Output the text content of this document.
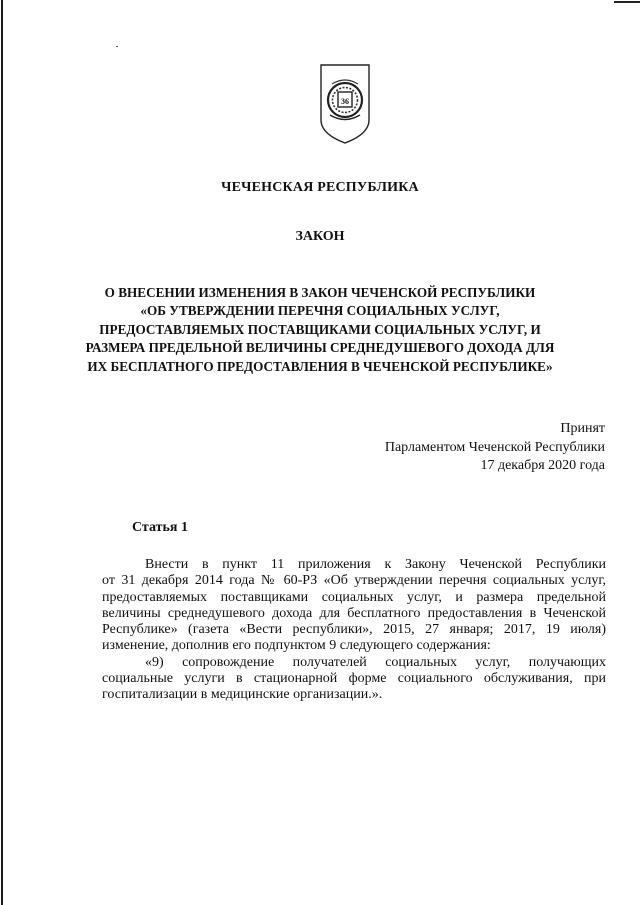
36
ЧЕЧЕНСКАЯ РЕСПУБЛИКА
ЗАКОН
О ВНЕСЕНИИ ИЗМЕНЕНИЯ В ЗАКОН ЧЕЧЕНСКОЙ РЕСПУБЛИКИ
«ОБ УТВЕРЖДЕНИИ ПЕРЕЧНЯ СОЦИАЛЬНЫХ УСЛУГ,
ПРЕДОСТАВЛЯЕМЫХ ПОСТАВЩИКАМИ СОЦИАЛЬНЫХ УСЛУГ, И
РАЗМЕРА ПРЕДЕЛЬНОЙ ВЕЛИЧИНЫ СРЕДНЕДУШЕВОГО ДОХОДА ДЛЯ
ИХ БЕСПЛАТНОГО ПРЕДОСТАВЛЕНИЯ В ЧЕЧЕНСКОЙ РЕСПУБЛИКЕ»
Принят
Парламентом Чеченской Республики
17 декабря 2020 года
Статья 1
Внести в пункт 11 приложения к Закону Чеченской Республики
от 31 декабря 2014 года № 60-РЗ «Об утверждении перечня социальных услуг,
предоставляемых поставщиками социальных услуг, и размера предельной
величины среднедушевого дохода для бесплатного предоставления в Чеченской
Республике» (газета «Вести республики», 2015, 27 января; 2017, 19 июля)
изменение, дополнив его подпунктом 9 следующего содержания:
«9) сопровождение получателей социальных услуг, получающих
социальные услуги в стационарной форме социального обслуживания, при
госпитализации в медицинские организации.».
